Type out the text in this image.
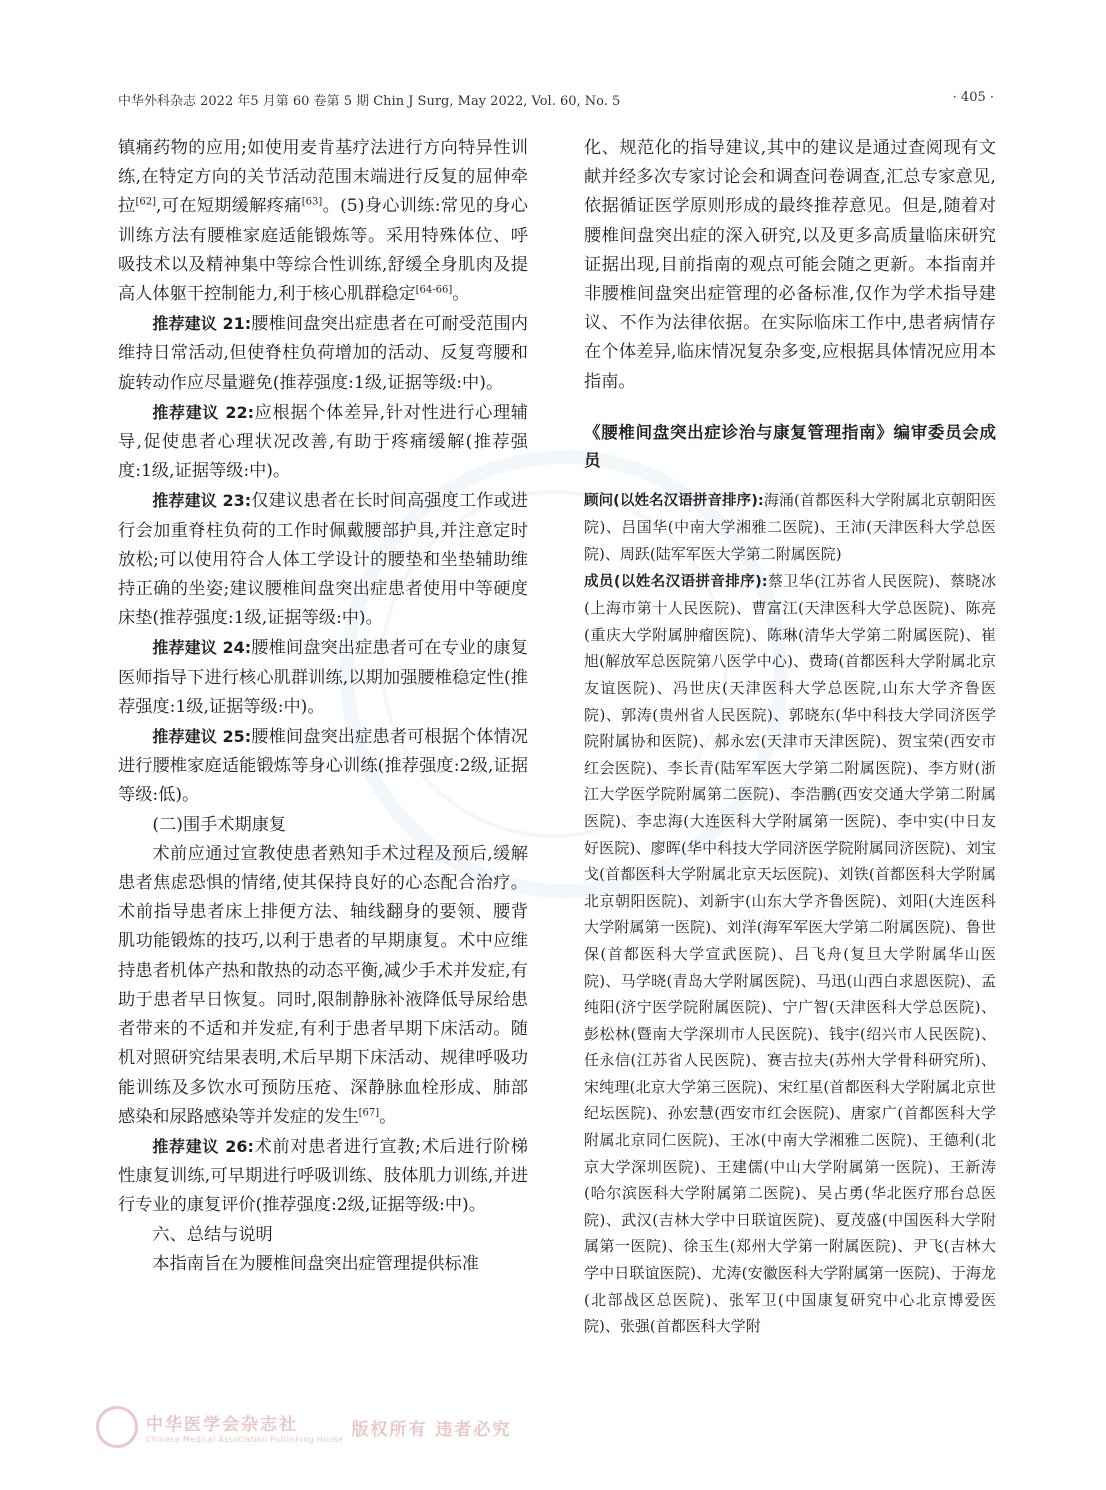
中华外科杂志 2022 年5 月第 60 卷第 5 期 Chin J Surg, May 2022, Vol. 60, No. 5	· 405 ·

镇痛药物的应用;如使用麦肯基疗法进行方向特异性训练,在特定方向的关节活动范围末端进行反复的屈伸牵拉[62],可在短期缓解疼痛[63]。(5)身心训练:常见的身心训练方法有腰椎家庭适能锻炼等。采用特殊体位、呼吸技术以及精神集中等综合性训练,舒缓全身肌肉及提高人体躯干控制能力,利于核心肌群稳定[64-66]。

推荐建议 21:腰椎间盘突出症患者在可耐受范围内维持日常活动,但使脊柱负荷增加的活动、反复弯腰和旋转动作应尽量避免(推荐强度:1级,证据等级:中)。

推荐建议 22:应根据个体差异,针对性进行心理辅导,促使患者心理状况改善,有助于疼痛缓解(推荐强度:1级,证据等级:中)。

推荐建议 23:仅建议患者在长时间高强度工作或进行会加重脊柱负荷的工作时佩戴腰部护具,并注意定时放松;可以使用符合人体工学设计的腰垫和坐垫辅助维持正确的坐姿;建议腰椎间盘突出症患者使用中等硬度床垫(推荐强度:1级,证据等级:中)。

推荐建议 24:腰椎间盘突出症患者可在专业的康复医师指导下进行核心肌群训练,以期加强腰椎稳定性(推荐强度:1级,证据等级:中)。

推荐建议 25:腰椎间盘突出症患者可根据个体情况进行腰椎家庭适能锻炼等身心训练(推荐强度:2级,证据等级:低)。

(二)围手术期康复

术前应通过宣教使患者熟知手术过程及预后,缓解患者焦虑恐惧的情绪,使其保持良好的心态配合治疗。术前指导患者床上排便方法、轴线翻身的要领、腰背肌功能锻炼的技巧,以利于患者的早期康复。术中应维持患者机体产热和散热的动态平衡,减少手术并发症,有助于患者早日恢复。同时,限制静脉补液降低导尿给患者带来的不适和并发症,有利于患者早期下床活动。随机对照研究结果表明,术后早期下床活动、规律呼吸功能训练及多饮水可预防压疮、深静脉血栓形成、肺部感染和尿路感染等并发症的发生[67]。

推荐建议 26:术前对患者进行宣教;术后进行阶梯性康复训练,可早期进行呼吸训练、肢体肌力训练,并进行专业的康复评价(推荐强度:2级,证据等级:中)。

六、总结与说明

本指南旨在为腰椎间盘突出症管理提供标准

化、规范化的指导建议,其中的建议是通过查阅现有文献并经多次专家讨论会和调查问卷调查,汇总专家意见,依据循证医学原则形成的最终推荐意见。但是,随着对腰椎间盘突出症的深入研究,以及更多高质量临床研究证据出现,目前指南的观点可能会随之更新。本指南并非腰椎间盘突出症管理的必备标准,仅作为学术指导建议、不作为法律依据。在实际临床工作中,患者病情存在个体差异,临床情况复杂多变,应根据具体情况应用本指南。

《腰椎间盘突出症诊治与康复管理指南》编审委员会成员

顾问(以姓名汉语拼音排序):海涌(首都医科大学附属北京朝阳医院)、吕国华(中南大学湘雅二医院)、王沛(天津医科大学总医院)、周跃(陆军军医大学第二附属医院)

成员(以姓名汉语拼音排序):蔡卫华(江苏省人民医院)、蔡晓冰(上海市第十人民医院)、曹富江(天津医科大学总医院)、陈亮(重庆大学附属肿瘤医院)、陈琳(清华大学第二附属医院)、崔旭(解放军总医院第八医学中心)、费琦(首都医科大学附属北京友谊医院)、冯世庆(天津医科大学总医院,山东大学齐鲁医院)、郭涛(贵州省人民医院)、郭晓东(华中科技大学同济医学院附属协和医院)、郝永宏(天津市天津医院)、贺宝荣(西安市红会医院)、李长青(陆军军医大学第二附属医院)、李方财(浙江大学医学院附属第二医院)、李浩鹏(西安交通大学第二附属医院)、李忠海(大连医科大学附属第一医院)、李中实(中日友好医院)、廖晖(华中科技大学同济医学院附属同济医院)、刘宝戈(首都医科大学附属北京天坛医院)、刘铁(首都医科大学附属北京朝阳医院)、刘新宇(山东大学齐鲁医院)、刘阳(大连医科大学附属第一医院)、刘洋(海军军医大学第二附属医院)、鲁世保(首都医科大学宣武医院)、吕飞舟(复旦大学附属华山医院)、马学晓(青岛大学附属医院)、马迅(山西白求恩医院)、孟纯阳(济宁医学院附属医院)、宁广智(天津医科大学总医院)、彭松林(暨南大学深圳市人民医院)、钱宇(绍兴市人民医院)、任永信(江苏省人民医院)、赛吉拉夫(苏州大学骨科研究所)、宋纯理(北京大学第三医院)、宋红星(首都医科大学附属北京世纪坛医院)、孙宏慧(西安市红会医院)、唐家广(首都医科大学附属北京同仁医院)、王冰(中南大学湘雅二医院)、王德利(北京大学深圳医院)、王建儒(中山大学附属第一医院)、王新涛(哈尔滨医科大学附属第二医院)、吴占勇(华北医疗邢台总医院)、武汉(吉林大学中日联谊医院)、夏茂盛(中国医科大学附属第一医院)、徐玉生(郑州大学第一附属医院)、尹飞(吉林大学中日联谊医院)、尤涛(安徽医科大学附属第一医院)、于海龙(北部战区总医院)、张军卫(中国康复研究中心北京博爱医院)、张强(首都医科大学附

中华医学会杂志社
Chinese Medical Association Publishing House 版权所有 违者必究
